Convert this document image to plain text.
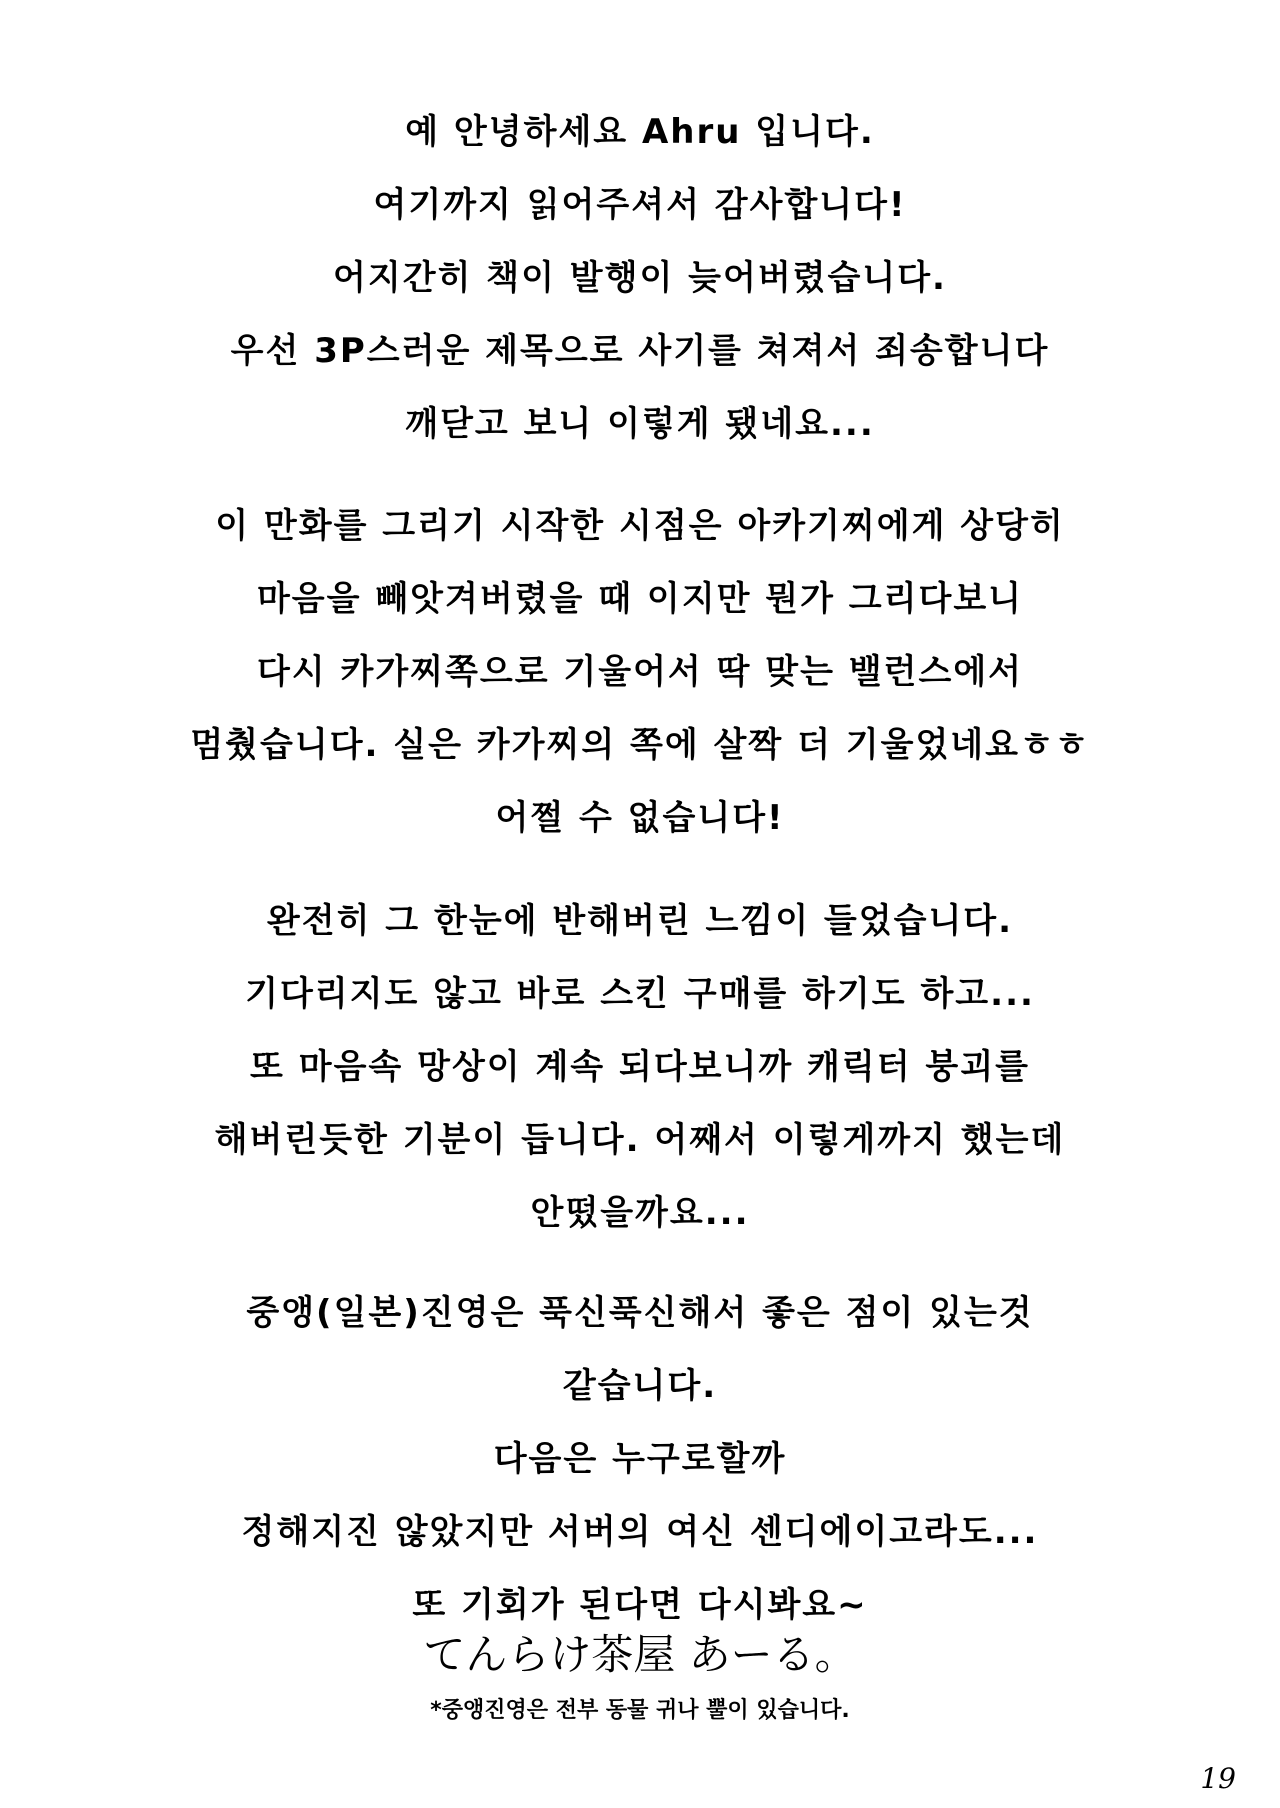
예 안녕하세요 Ahru 입니다.
여기까지 읽어주셔서 감사합니다!
어지간히 책이 발행이 늦어버렸습니다.
우선 3P스러운 제목으로 사기를 쳐져서 죄송합니다
깨닫고 보니 이렇게 됐네요...
이 만화를 그리기 시작한 시점은 아카기찌에게 상당히
마음을 빼앗겨버렸을 때 이지만 뭔가 그리다보니
다시 카가찌쪽으로 기울어서 딱 맞는 밸런스에서
멈췄습니다. 실은 카가찌의 쪽에 살짝 더 기울었네요ㅎㅎ
어쩔 수 없습니다!
완전히 그 한눈에 반해버린 느낌이 들었습니다.
기다리지도 않고 바로 스킨 구매를 하기도 하고...
또 마음속 망상이 계속 되다보니까 캐릭터 붕괴를
해버린듯한 기분이 듭니다. 어째서 이렇게까지 했는데
안떴을까요...
중앵(일본)진영은 푹신푹신해서 좋은 점이 있는것
같습니다.
다음은 누구로할까
정해지진 않았지만 서버의 여신 센디에이고라도...
또 기회가 된다면 다시봐요~
てんらけ茶屋 あーる。
*중앵진영은 전부 동물 귀나 뿔이 있습니다.
19
